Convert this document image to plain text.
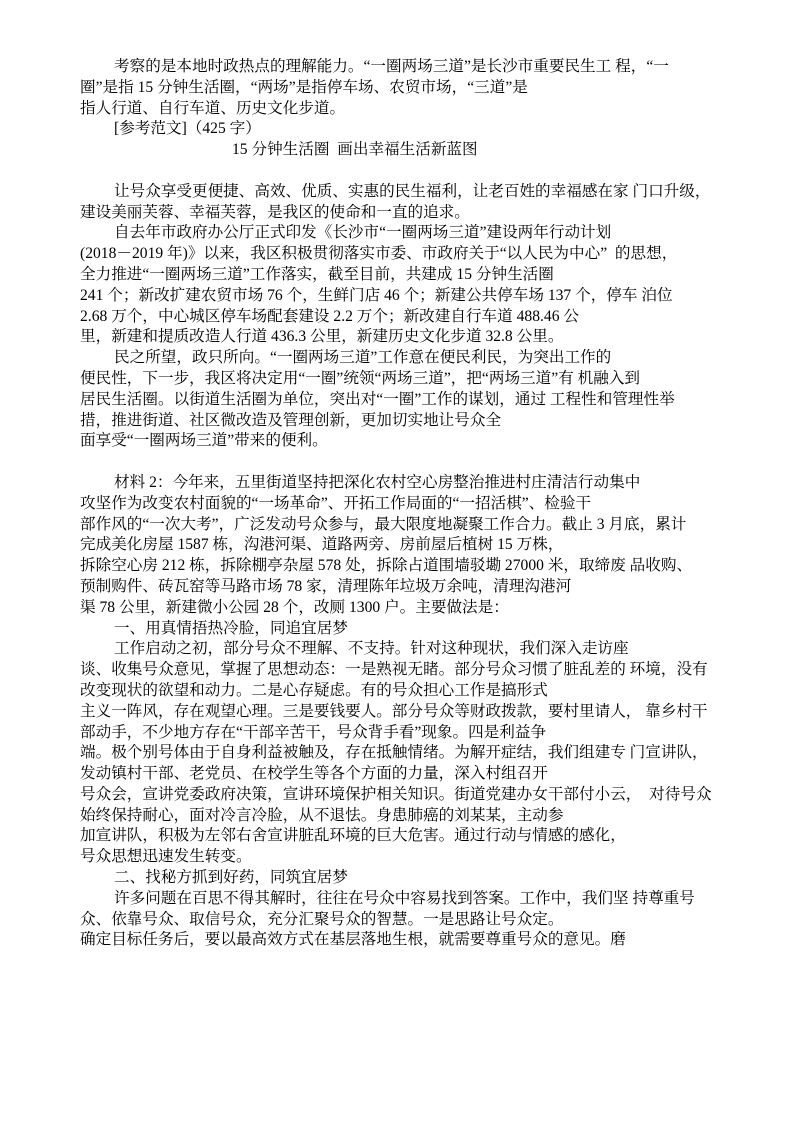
考察的是本地时政热点的理解能力。“一圈两场三道”是长沙市重要民生工 程，“一
圈”是指 15 分钟生活圈，“两场”是指停车场、农贸市场，“三道”是
指人行道、自行车道、历史文化步道。
[参考范文]（425 字）
15 分钟生活圈  画出幸福生活新蓝图
让号众享受更便捷、高效、优质、实惠的民生福利，让老百姓的幸福感在家 门口升级，
建设美丽芙蓉、幸福芙蓉，是我区的使命和一直的追求。
自去年市政府办公厅正式印发《长沙市“一圈两场三道”建设两年行动计划
(2018－2019 年)》以来，我区积极贯彻落实市委、市政府关于“以人民为中心”  的思想，
全力推进“一圈两场三道”工作落实，截至目前，共建成 15 分钟生活圈
241 个；新改扩建农贸市场 76 个，生鲜门店 46 个；新建公共停车场 137 个，停车 泊位
2.68 万个，中心城区停车场配套建设 2.2 万个；新改建自行车道 488.46 公
里，新建和提质改造人行道 436.3 公里，新建历史文化步道 32.8 公里。
民之所望，政只所向。“一圈两场三道”工作意在便民利民，为突出工作的
便民性，下一步，我区将决定用“一圈”统领“两场三道”，把“两场三道”有 机融入到
居民生活圈。以街道生活圈为单位，突出对“一圈”工作的谋划，通过 工程性和管理性举
措，推进街道、社区微改造及管理创新，更加切实地让号众全
面享受“一圈两场三道”带来的便利。
材料 2：今年来，五里街道坚持把深化农村空心房整治推进村庄清洁行动集中
攻坚作为改变农村面貌的“一场革命”、开拓工作局面的“一招活棋”、检验干
部作风的“一次大考”，广泛发动号众参与，最大限度地凝聚工作合力。截止 3 月底，累计
完成美化房屋 1587 栋，沟港河渠、道路两旁、房前屋后植树 15 万株，
拆除空心房 212 栋，拆除棚亭杂屋 578 处，拆除占道围墙驳墈 27000 米，取缔废 品收购、
预制购件、砖瓦窑等马路市场 78 家，清理陈年垃圾万余吨，清理沟港河
渠 78 公里，新建微小公园 28 个，改厕 1300 户。主要做法是：
一、用真情捂热冷脸，同追宜居梦
工作启动之初，部分号众不理解、不支持。针对这种现状，我们深入走访座
谈、收集号众意见，掌握了思想动态：一是熟视无睹。部分号众习惯了脏乱差的 环境，没有
改变现状的欲望和动力。二是心存疑虑。有的号众担心工作是搞形式
主义一阵风，存在观望心理。三是要钱要人。部分号众等财政拨款，要村里请人， 靠乡村干
部动手，不少地方存在“干部辛苦干，号众背手看”现象。四是利益争
端。极个别号体由于自身利益被触及，存在抵触情绪。为解开症结，我们组建专 门宣讲队，
发动镇村干部、老党员、在校学生等各个方面的力量，深入村组召开
号众会，宣讲党委政府决策，宣讲环境保护相关知识。街道党建办女干部付小云，  对待号众
始终保持耐心，面对冷言冷脸，从不退怯。身患肺癌的刘某某，主动参
加宣讲队，积极为左邻右舍宣讲脏乱环境的巨大危害。通过行动与情感的感化，
号众思想迅速发生转变。
二、找秘方抓到好药，同筑宜居梦
许多问题在百思不得其解时，往往在号众中容易找到答案。工作中，我们坚 持尊重号
众、依靠号众、取信号众，充分汇聚号众的智慧。一是思路让号众定。
确定目标任务后，要以最高效方式在基层落地生根，就需要尊重号众的意见。磨
